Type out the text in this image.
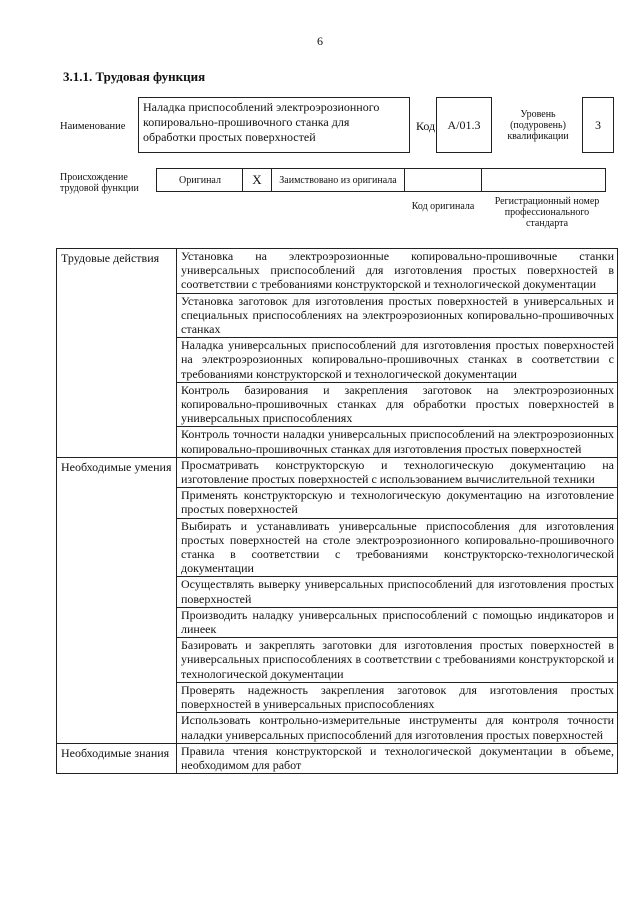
6
3.1.1. Трудовая функция
Наименование
Наладка приспособлений электроэрозионного копировально-прошивочного станка для обработки простых поверхностей
Код	A/01.3
Уровень (подуровень) квалификации
3
Происхождение трудовой функции
Оригинал	X	Заимствовано из оригинала
Код оригинала	Регистрационный номер профессионального стандарта
Трудовые действия	Установка на электроэрозионные копировально-прошивочные станки универсальных приспособлений для изготовления простых поверхностей в соответствии с требованиями конструкторской и технологической документации
	Установка заготовок для изготовления простых поверхностей в универсальных и специальных приспособлениях на электроэрозионных копировально-прошивочных станках
	Наладка универсальных приспособлений для изготовления простых поверхностей на электроэрозионных копировально-прошивочных станках в соответствии с требованиями конструкторской и технологической документации
	Контроль базирования и закрепления заготовок на электроэрозионных копировально-прошивочных станках для обработки простых поверхностей в универсальных приспособлениях
	Контроль точности наладки универсальных приспособлений на электроэрозионных копировально-прошивочных станках для изготовления простых поверхностей
Необходимые умения	Просматривать конструкторскую и технологическую документацию на изготовление простых поверхностей с использованием вычислительной техники
	Применять конструкторскую и технологическую документацию на изготовление простых поверхностей
	Выбирать и устанавливать универсальные приспособления для изготовления простых поверхностей на столе электроэрозионного копировально-прошивочного станка в соответствии с требованиями конструкторско-технологической документации
	Осуществлять выверку универсальных приспособлений для изготовления простых поверхностей
	Производить наладку универсальных приспособлений с помощью индикаторов и линеек
	Базировать и закреплять заготовки для изготовления простых поверхностей в универсальных приспособлениях в соответствии с требованиями конструкторской и технологической документации
	Проверять надежность закрепления заготовок для изготовления простых поверхностей в универсальных приспособлениях
	Использовать контрольно-измерительные инструменты для контроля точности наладки универсальных приспособлений для изготовления простых поверхностей
Необходимые знания	Правила чтения конструкторской и технологической документации в объеме, необходимом для работ
